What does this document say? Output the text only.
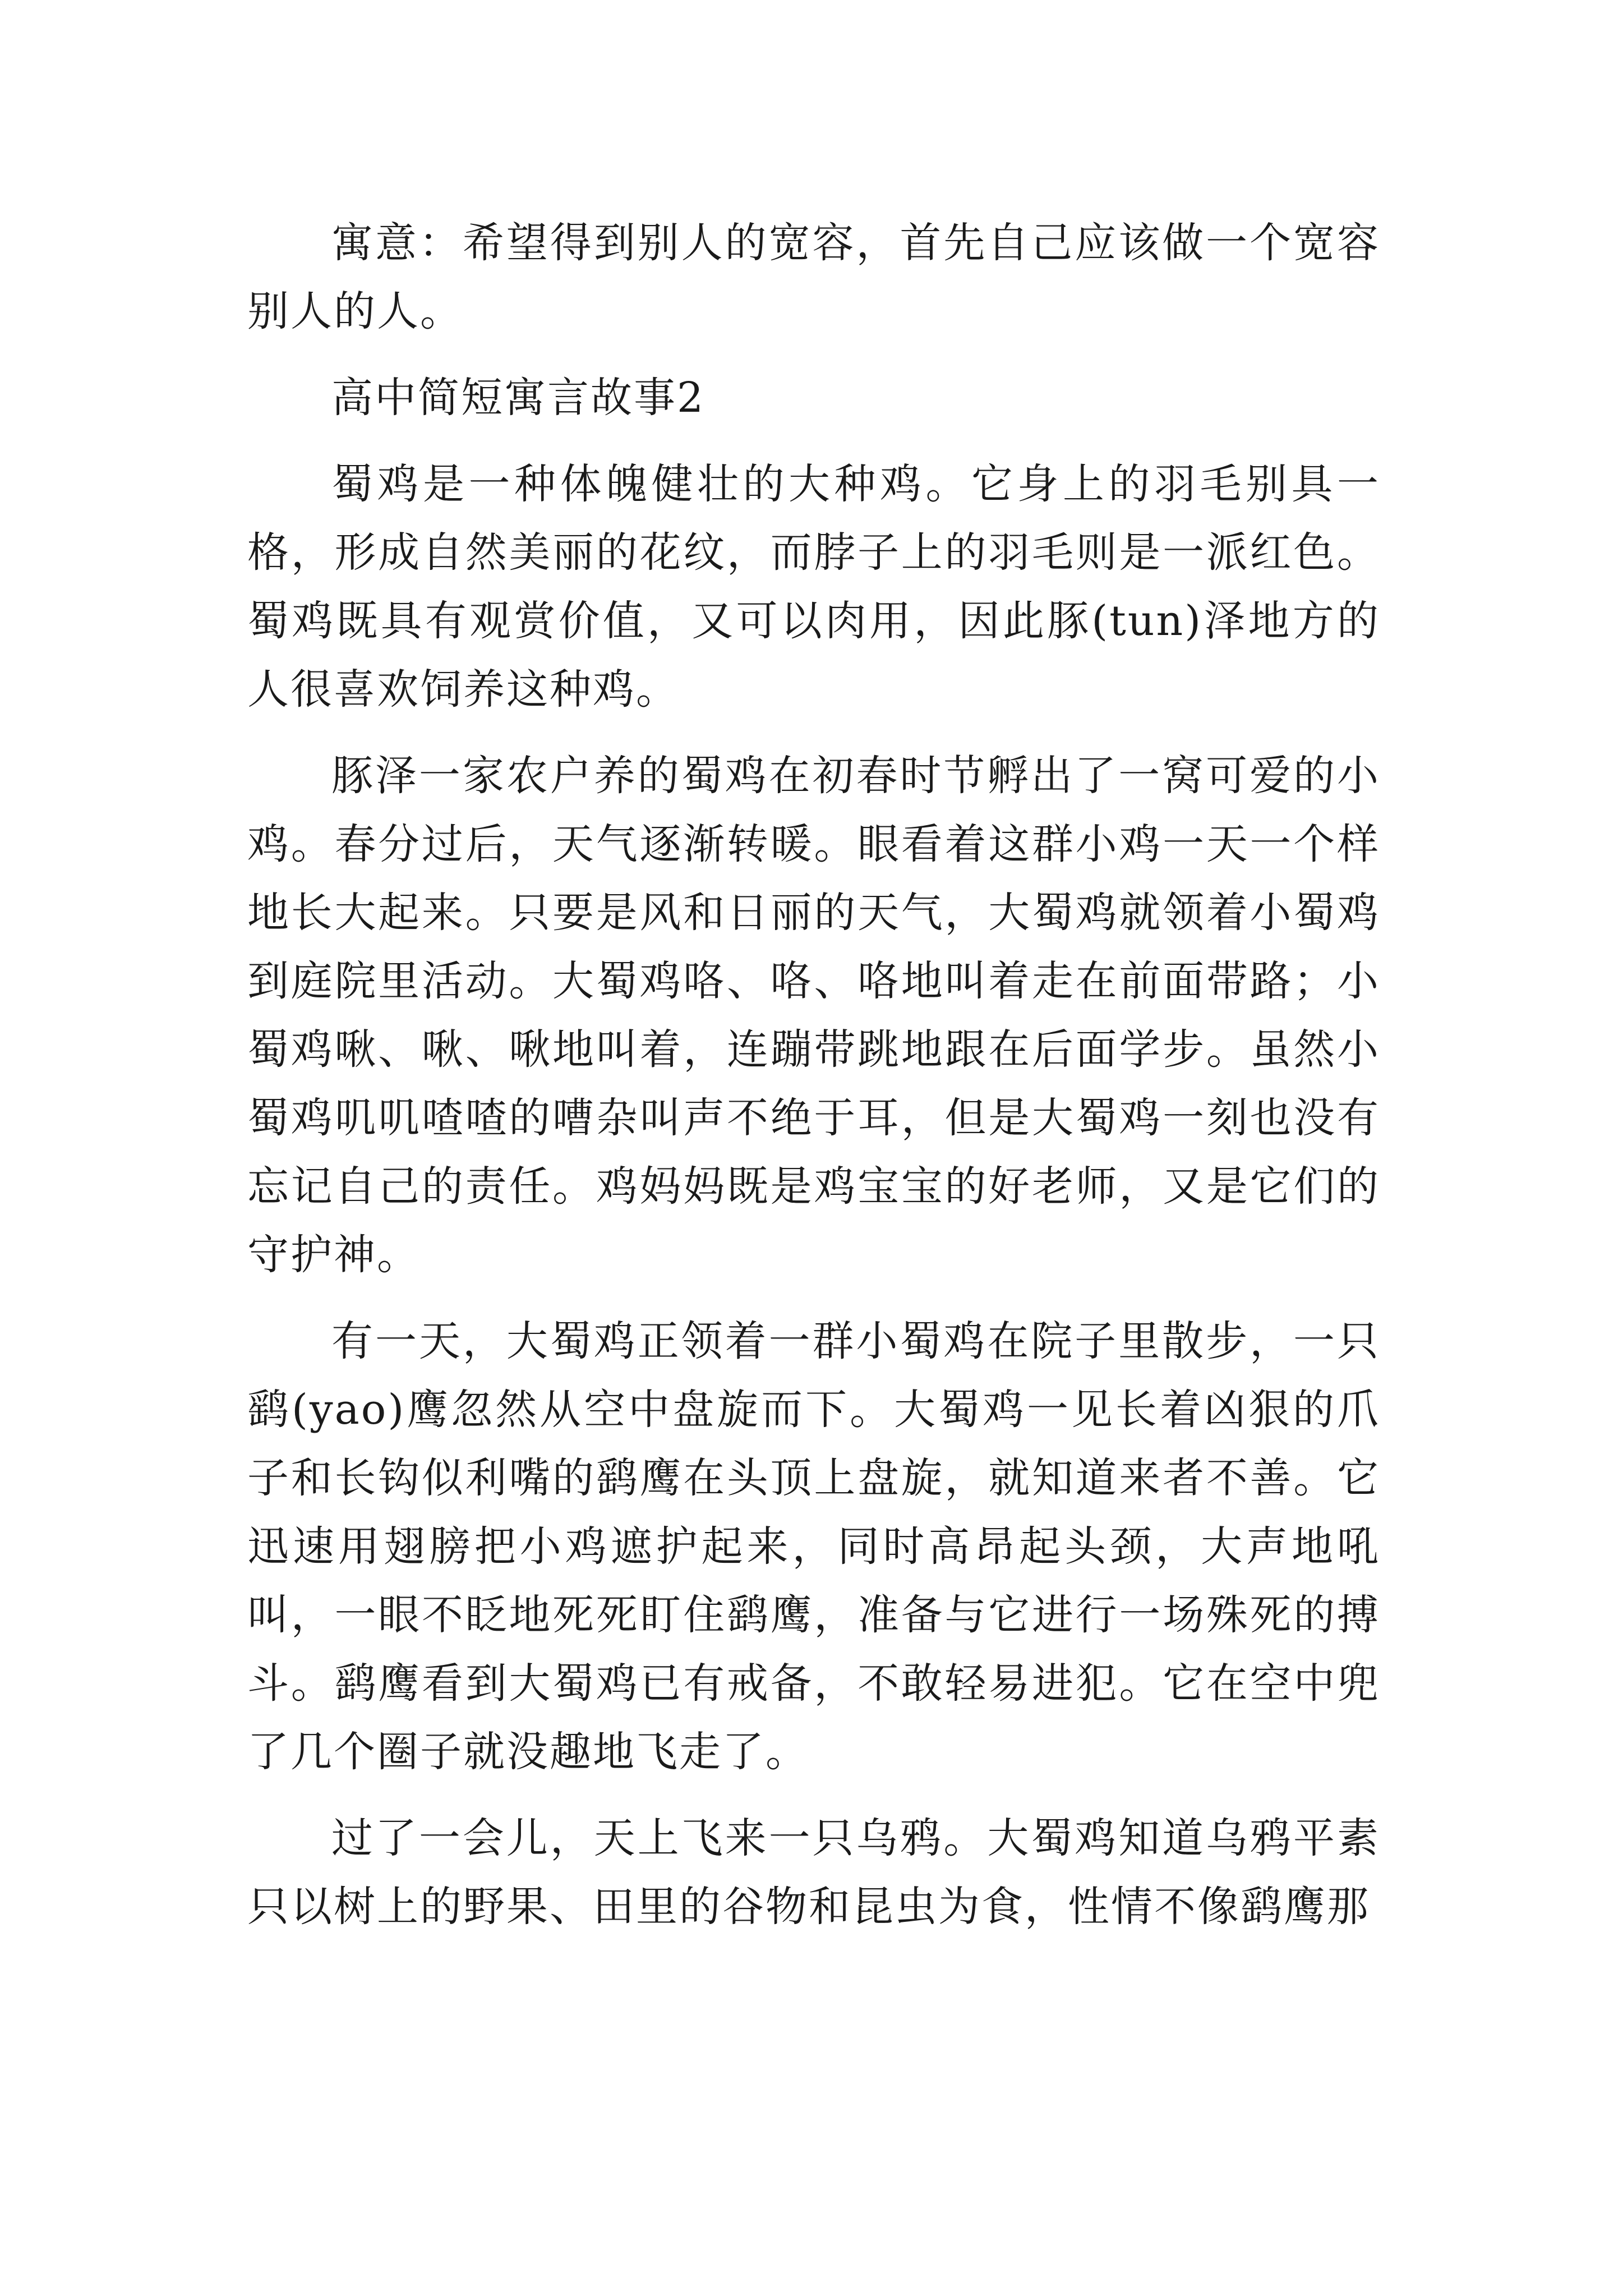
寓意：希望得到别人的宽容，首先自己应该做一个宽容别人的人。

高中简短寓言故事2

蜀鸡是一种体魄健壮的大种鸡。它身上的羽毛别具一格，形成自然美丽的花纹，而脖子上的羽毛则是一派红色。蜀鸡既具有观赏价值，又可以肉用，因此豚(tun)泽地方的人很喜欢饲养这种鸡。

豚泽一家农户养的蜀鸡在初春时节孵出了一窝可爱的小鸡。春分过后，天气逐渐转暖。眼看着这群小鸡一天一个样地长大起来。只要是风和日丽的天气，大蜀鸡就领着小蜀鸡到庭院里活动。大蜀鸡咯、咯、咯地叫着走在前面带路；小蜀鸡啾、啾、啾地叫着，连蹦带跳地跟在后面学步。虽然小蜀鸡叽叽喳喳的嘈杂叫声不绝于耳，但是大蜀鸡一刻也没有忘记自己的责任。鸡妈妈既是鸡宝宝的好老师，又是它们的守护神。

有一天，大蜀鸡正领着一群小蜀鸡在院子里散步，一只鹞(yao)鹰忽然从空中盘旋而下。大蜀鸡一见长着凶狠的爪子和长钩似利嘴的鹞鹰在头顶上盘旋，就知道来者不善。它迅速用翅膀把小鸡遮护起来，同时高昂起头颈，大声地吼叫，一眼不眨地死死盯住鹞鹰，准备与它进行一场殊死的搏斗。鹞鹰看到大蜀鸡已有戒备，不敢轻易进犯。它在空中兜了几个圈子就没趣地飞走了。

过了一会儿，天上飞来一只乌鸦。大蜀鸡知道乌鸦平素只以树上的野果、田里的谷物和昆虫为食，性情不像鹞鹰那
